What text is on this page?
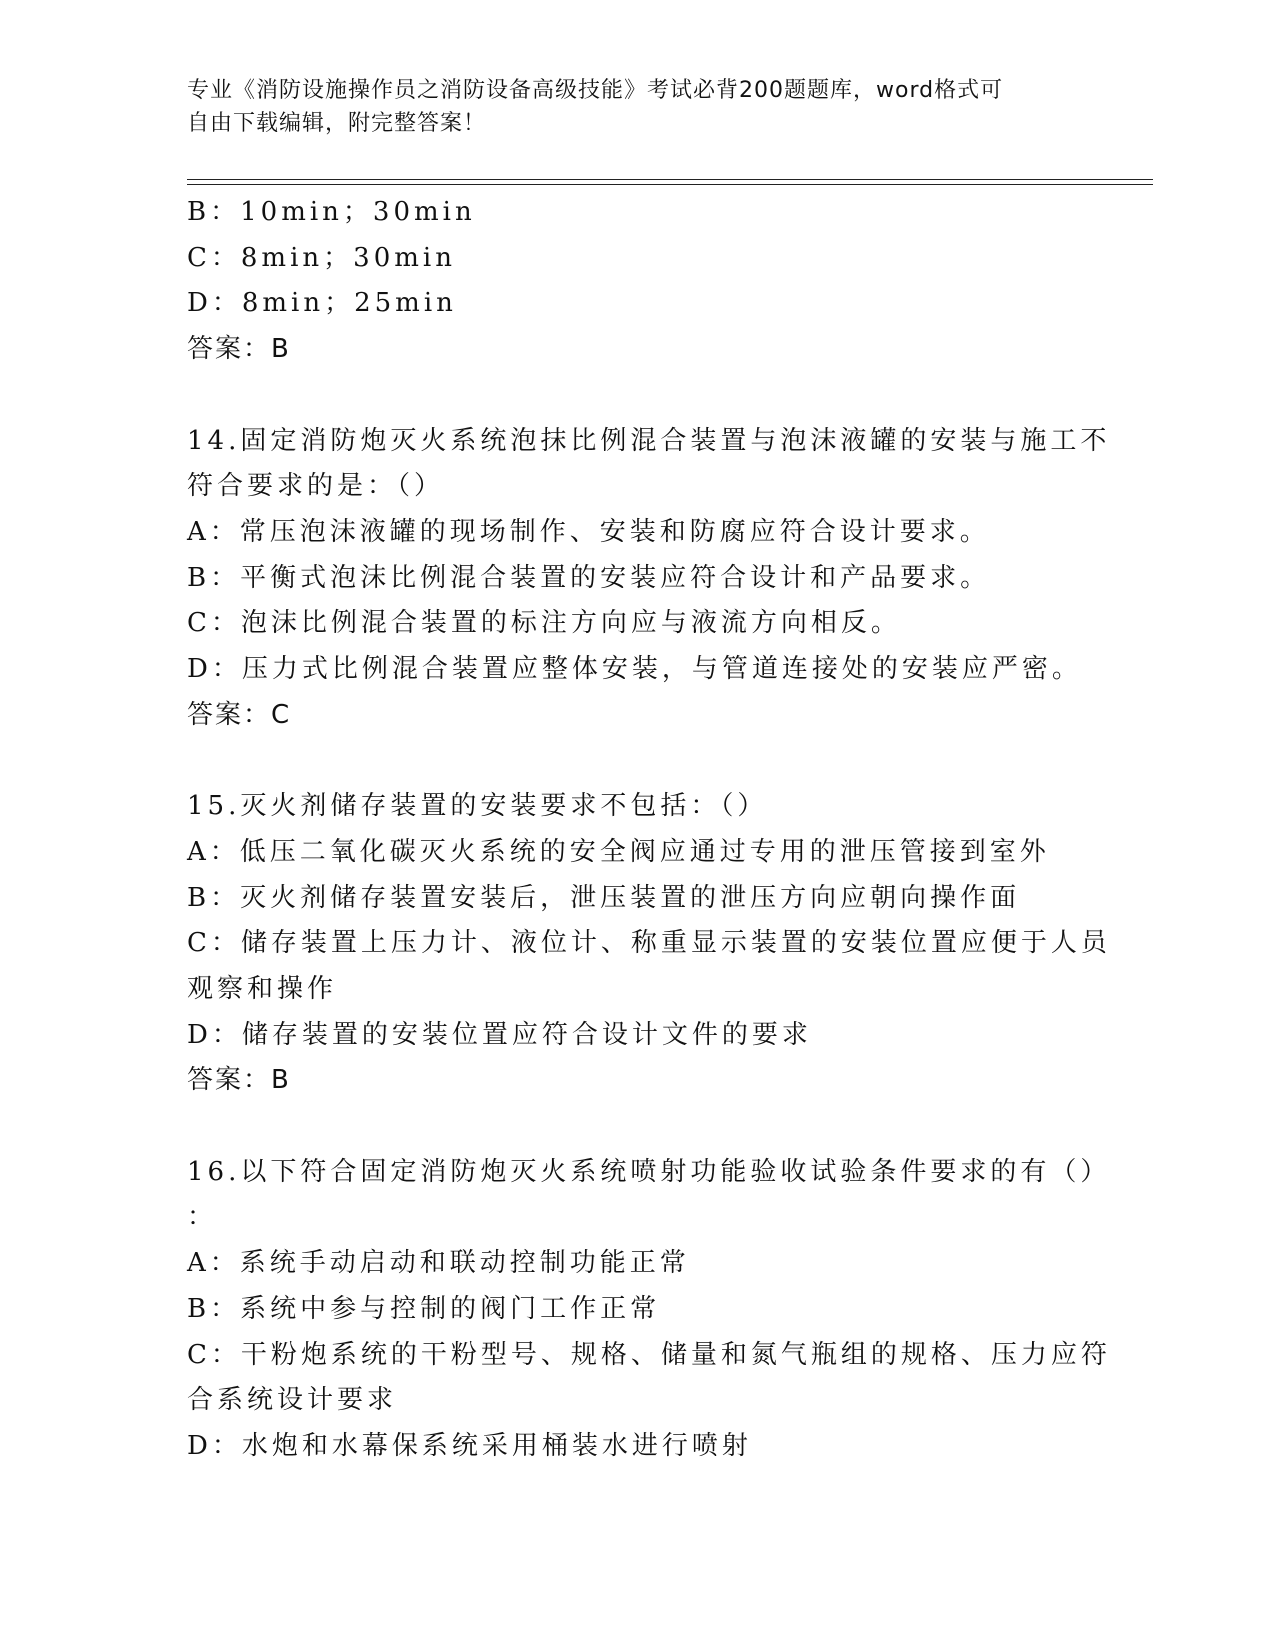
专业《消防设施操作员之消防设备高级技能》考试必背200题题库，word格式可
自由下载编辑，附完整答案！
B：10min；30min
C：8min；30min
D：8min；25min
答案：B
14.固定消防炮灭火系统泡抹比例混合装置与泡沫液罐的安装与施工不
符合要求的是：（）
A：常压泡沫液罐的现场制作、安装和防腐应符合设计要求。
B：平衡式泡沫比例混合装置的安装应符合设计和产品要求。
C：泡沫比例混合装置的标注方向应与液流方向相反。
D：压力式比例混合装置应整体安装，与管道连接处的安装应严密。
答案：C
15.灭火剂储存装置的安装要求不包括：（）
A：低压二氧化碳灭火系统的安全阀应通过专用的泄压管接到室外
B：灭火剂储存装置安装后，泄压装置的泄压方向应朝向操作面
C：储存装置上压力计、液位计、称重显示装置的安装位置应便于人员
观察和操作
D：储存装置的安装位置应符合设计文件的要求
答案：B
16.以下符合固定消防炮灭火系统喷射功能验收试验条件要求的有（）
：
A：系统手动启动和联动控制功能正常
B：系统中参与控制的阀门工作正常
C：干粉炮系统的干粉型号、规格、储量和氮气瓶组的规格、压力应符
合系统设计要求
D：水炮和水幕保系统采用桶装水进行喷射
